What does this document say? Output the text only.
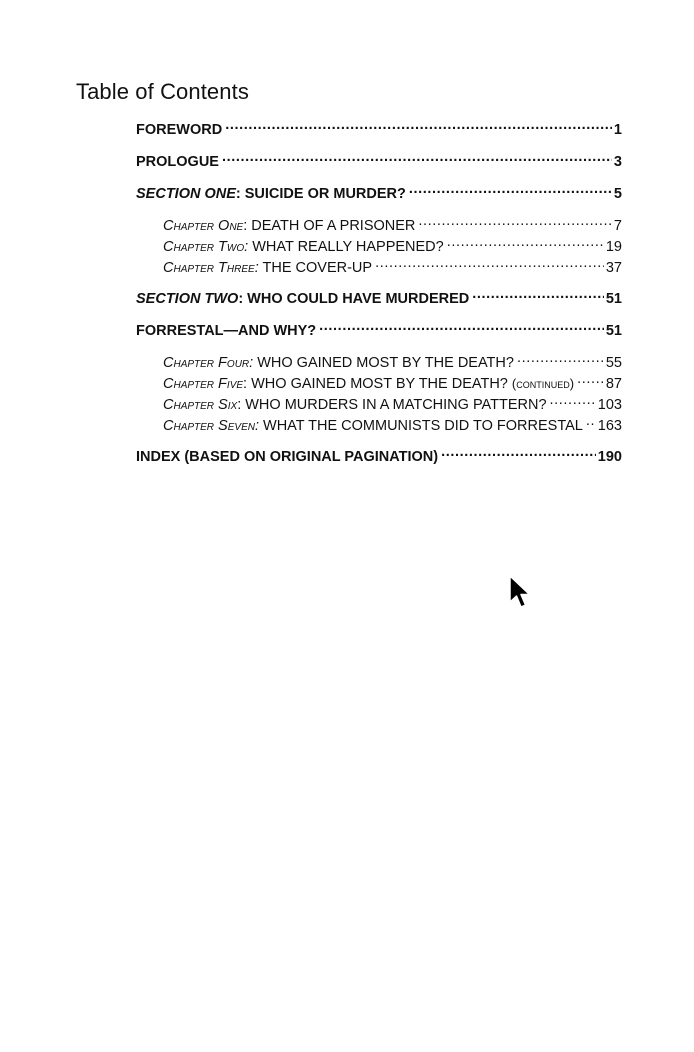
Table of Contents
FOREWORD .....	1
PROLOGUE .....	3
SECTION ONE: SUICIDE OR MURDER? .....	5
Chapter One: DEATH OF A PRISONER .....	7
Chapter Two: WHAT REALLY HAPPENED? .....	19
Chapter Three: THE COVER-UP .....	37
SECTION TWO: WHO COULD HAVE MURDERED .....	51
FORRESTAL—AND WHY? .....	51
Chapter Four: WHO GAINED MOST BY THE DEATH? .....	55
Chapter Five: WHO GAINED MOST BY THE DEATH? (continued) ..... 87
Chapter Six: WHO MURDERS IN A MATCHING PATTERN? .....	103
Chapter Seven: WHAT THE COMMUNISTS DID TO FORRESTAL ..... 163
INDEX (BASED ON ORIGINAL PAGINATION) .....	190
